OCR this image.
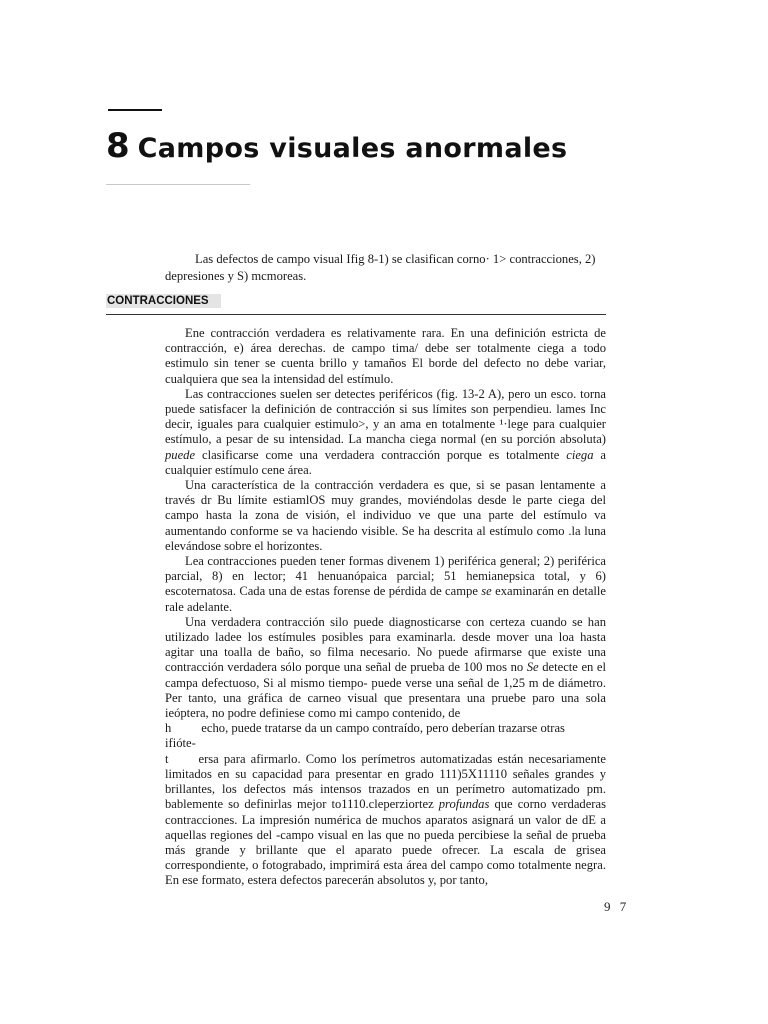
8 Campos visuales anormales

Las defectos de campo visual Ifig 8-1) se clasifican corno· 1> contracciones, 2) depresiones y S) mcmoreas.

CONTRACCIONES

Ene contracción verdadera es relativamente rara. En una definición estricta de contracción, e) área derechas. de campo tima/ debe ser totalmente ciega a todo estimulo sin tener se cuenta brillo y tamaños El borde del defecto no debe variar, cualquiera que sea la intensidad del estímulo.

Las contracciones suelen ser detectes periféricos (fig. 13-2 A), pero un esco. torna puede satisfacer la definición de contracción si sus límites son perpendieu. lames Inc decir, iguales para cualquier estimulo>, y an ama en totalmente ¹·lege para cualquier estímulo, a pesar de su intensidad. La mancha ciega normal (en su porción absoluta) puede clasificarse come una verdadera contracción porque es totalmente ciega a cualquier estímulo cene área.

Una característica de la contracción verdadera es que, si se pasan lentamente a través dr Bu límite estiamlOS muy grandes, moviéndolas desde le parte ciega del campo hasta la zona de visión, el individuo ve que una parte del estímulo va aumentando conforme se va haciendo visible. Se ha descrita al estímulo como .la luna elevándose sobre el horizontes.

Lea contracciones pueden tener formas divenem 1) periférica general; 2) periférica parcial, 8) en lector; 41 henuanópaica parcial; 51 hemianepsica total, y 6) escoternatosa. Cada una de estas forense de pérdida de campe se examinarán en detalle rale adelante.

Una verdadera contracción silo puede diagnosticarse con certeza cuando se han utilizado ladee los estímules posibles para examinarla. desde mover una loa hasta agitar una toalla de baño, so filma necesario. No puede afirmarse que existe una contracción verdadera sólo porque una señal de prueba de 100 mos no Se detecte en el campa defectuoso, Si al mismo tiempo- puede verse una señal de 1,25 m de diámetro. Per tanto, una gráfica de carneo visual que presentara una pruebe paro una sola ieóptera, no podre definiese como mi campo contenido, de

h echo, puede tratarse da un campo contraído, pero deberían trazarse otras
ifióte-

t ersa para afirmarlo. Como los perímetros automatizadas están necesariamente limitados en su capacidad para presentar en grado 111)5X11110 señales grandes y brillantes, los defectos más intensos trazados en un perímetro automatizado pm. bablemente so definirlas mejor to1110.cleperziortez profundas que corno verdaderas contracciones. La impresión numérica de muchos aparatos asignará un valor de dE a aquellas regiones del -campo visual en las que no pueda percibiese la señal de prueba más grande y brillante que el aparato puede ofrecer. La escala de grisea correspondiente, o fotograbado, imprimirá esta área del campo como totalmente negra. En ese formato, estera defectos parecerán absolutos y, por tanto,

9 7
